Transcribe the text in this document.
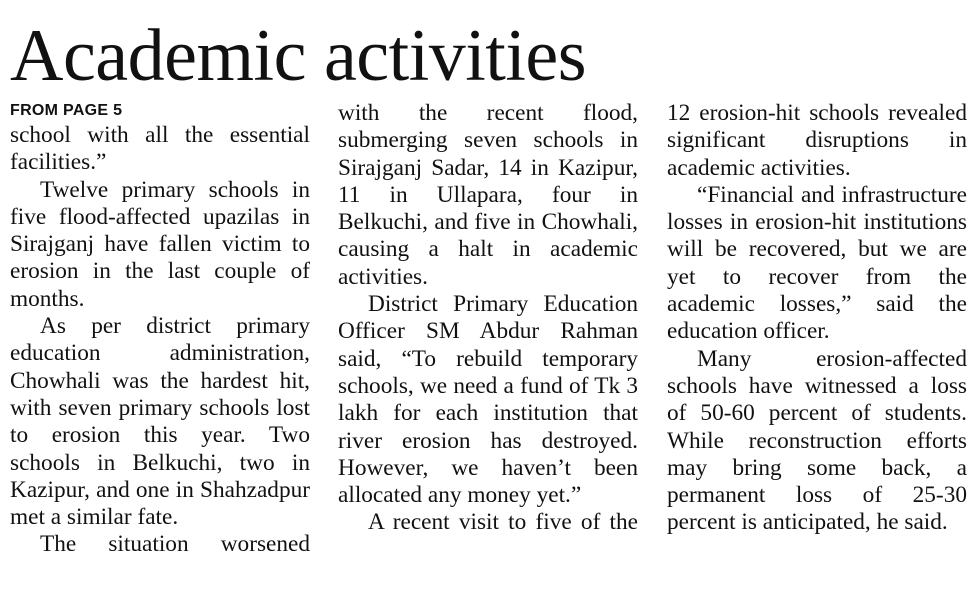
Academic activities
FROM PAGE 5

school with all the essential facilities.”

Twelve primary schools in five flood-affected upazilas in Sirajganj have fallen victim to erosion in the last couple of months.

As per district primary education administration, Chowhali was the hardest hit, with seven primary schools lost to erosion this year. Two schools in Belkuchi, two in Kazipur, and one in Shahzadpur met a similar fate.

The situation worsened

with the recent flood, submerging seven schools in Sirajganj Sadar, 14 in Kazipur, 11 in Ullapara, four in Belkuchi, and five in Chowhali, causing a halt in academic activities.

District Primary Education Officer SM Abdur Rahman said, “To rebuild temporary schools, we need a fund of Tk 3 lakh for each institution that river erosion has destroyed. However, we haven’t been allocated any money yet.”

A recent visit to five of the

12 erosion-hit schools revealed significant disruptions in academic activities.

“Financial and infrastructure losses in erosion-hit institutions will be recovered, but we are yet to recover from the academic losses,” said the education officer.

Many erosion-affected schools have witnessed a loss of 50-60 percent of students. While reconstruction efforts may bring some back, a permanent loss of 25-30 percent is anticipated, he said.
